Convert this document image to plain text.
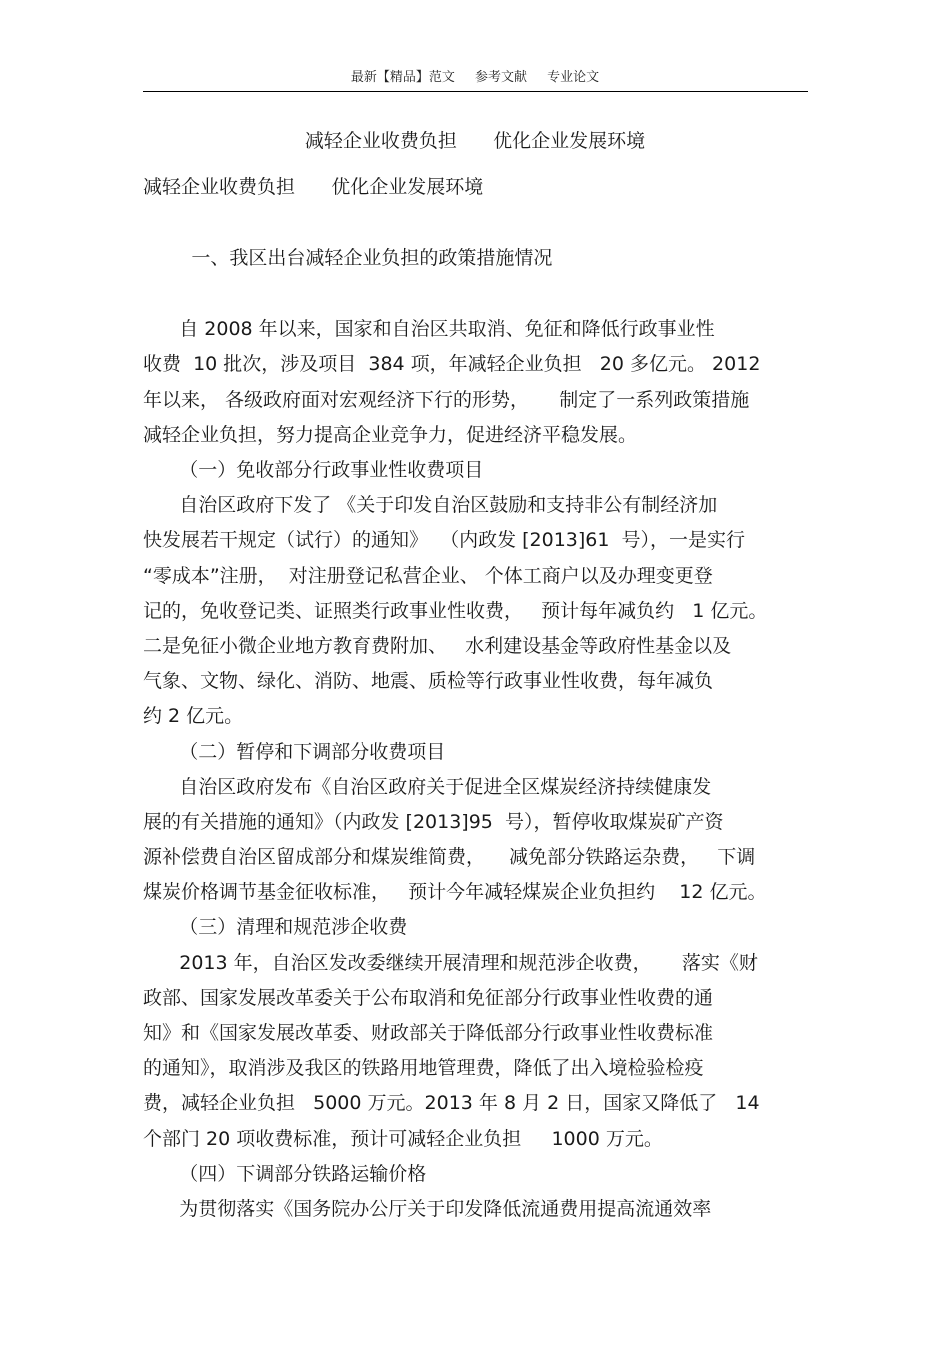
最新【精品】范文 参考文献 专业论文
减轻企业收费负担      优化企业发展环境
减轻企业收费负担      优化企业发展环境
一、我区出台减轻企业负担的政策措施情况
自 2008 年以来，国家和自治区共取消、免征和降低行政事业性
收费  10 批次，涉及项目  384 项，年减轻企业负担   20 多亿元。 2012
年以来， 各级政府面对宏观经济下行的形势，     制定了一系列政策措施
减轻企业负担，努力提高企业竞争力，促进经济平稳发展。
（一）免收部分行政事业性收费项目
自治区政府下发了 《关于印发自治区鼓励和支持非公有制经济加
快发展若干规定（试行）的通知》  （内政发 [2013]61  号），一是实行
“零成本”注册，  对注册登记私营企业、 个体工商户以及办理变更登
记的，免收登记类、证照类行政事业性收费，   预计每年减负约   1 亿元。
二是免征小微企业地方教育费附加、   水利建设基金等政府性基金以及
气象、文物、绿化、消防、地震、质检等行政事业性收费，每年减负
约 2 亿元。
（二）暂停和下调部分收费项目
自治区政府发布《自治区政府关于促进全区煤炭经济持续健康发
展的有关措施的通知》（内政发 [2013]95  号），暂停收取煤炭矿产资
源补偿费自治区留成部分和煤炭维简费，    减免部分铁路运杂费，   下调
煤炭价格调节基金征收标准，   预计今年减轻煤炭企业负担约    12 亿元。
（三）清理和规范涉企收费
2013 年，自治区发改委继续开展清理和规范涉企收费，     落实《财
政部、国家发展改革委关于公布取消和免征部分行政事业性收费的通
知》和《国家发展改革委、财政部关于降低部分行政事业性收费标准
的通知》，取消涉及我区的铁路用地管理费，降低了出入境检验检疫
费，减轻企业负担   5000 万元。2013 年 8 月 2 日，国家又降低了   14
个部门 20 项收费标准，预计可减轻企业负担     1000 万元。
（四）下调部分铁路运输价格
为贯彻落实《国务院办公厅关于印发降低流通费用提高流通效率
